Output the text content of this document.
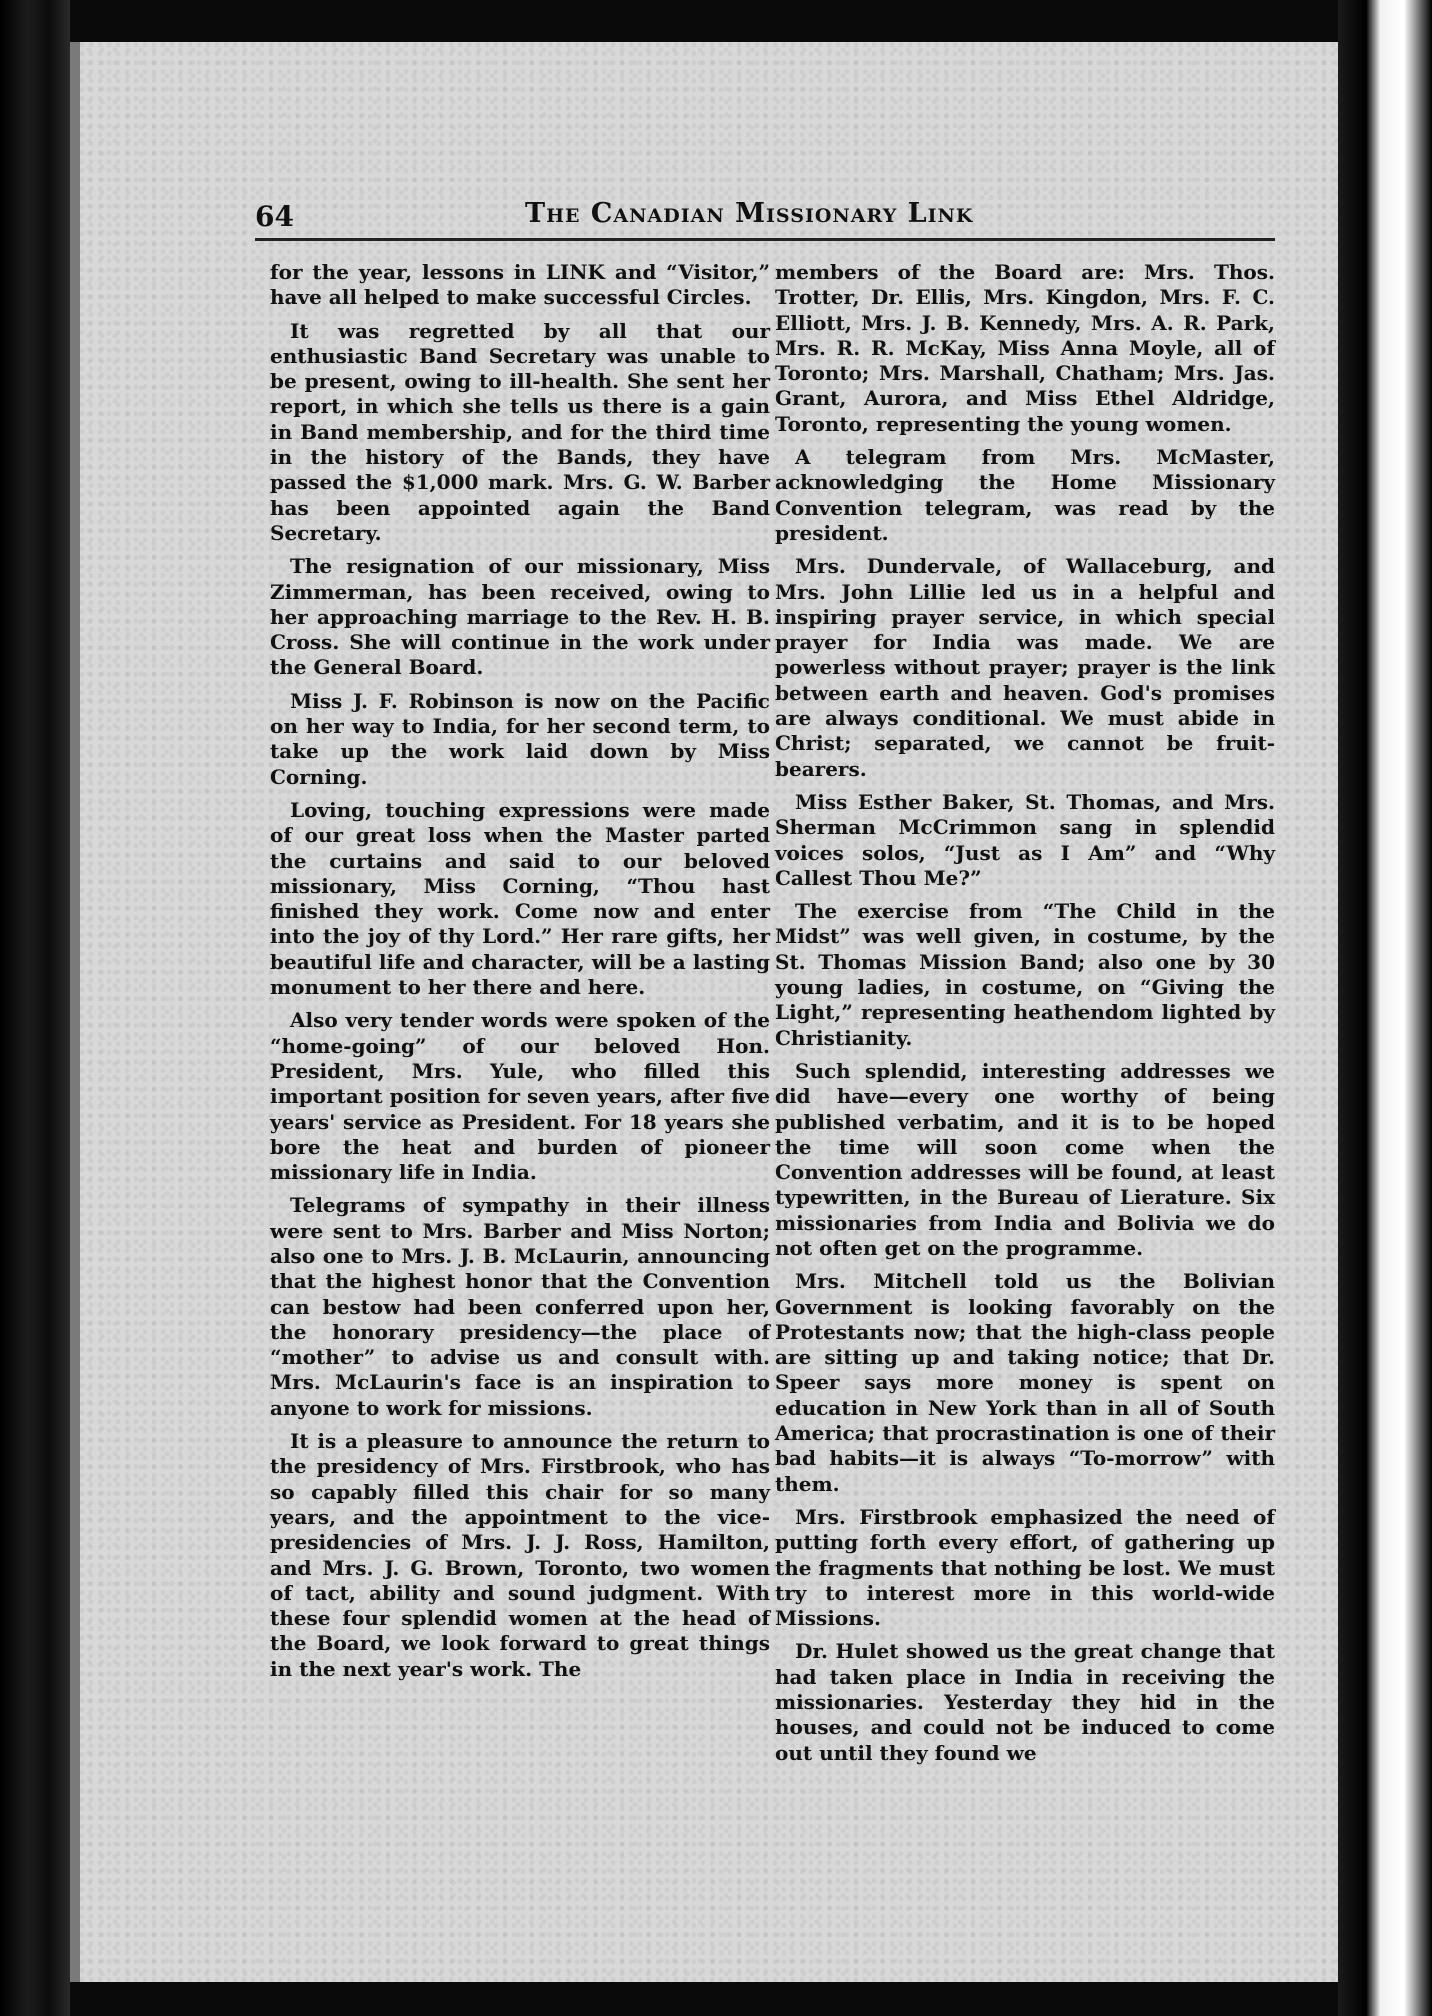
64	The Canadian Missionary Link

for the year, lessons in LINK and “Visitor,” have all helped to make successful Circles.

It was regretted by all that our enthusiastic Band Secretary was unable to be present, owing to ill-health. She sent her report, in which she tells us there is a gain in Band membership, and for the third time in the history of the Bands, they have passed the $1,000 mark. Mrs. G. W. Barber has been appointed again the Band Secretary.

The resignation of our missionary, Miss Zimmerman, has been received, owing to her approaching marriage to the Rev. H. B. Cross. She will continue in the work under the General Board.

Miss J. F. Robinson is now on the Pacific on her way to India, for her second term, to take up the work laid down by Miss Corning.

Loving, touching expressions were made of our great loss when the Master parted the curtains and said to our beloved missionary, Miss Corning, “Thou hast finished they work. Come now and enter into the joy of thy Lord.” Her rare gifts, her beautiful life and character, will be a lasting monument to her there and here.

Also very tender words were spoken of the “home-going” of our beloved Hon. President, Mrs. Yule, who filled this important position for seven years, after five years' service as President. For 18 years she bore the heat and burden of pioneer missionary life in India.

Telegrams of sympathy in their illness were sent to Mrs. Barber and Miss Norton; also one to Mrs. J. B. McLaurin, announcing that the highest honor that the Convention can bestow had been conferred upon her, the honorary presidency—the place of “mother” to advise us and consult with. Mrs. McLaurin's face is an inspiration to anyone to work for missions.

It is a pleasure to announce the return to the presidency of Mrs. Firstbrook, who has so capably filled this chair for so many years, and the appointment to the vice-presidencies of Mrs. J. J. Ross, Hamilton, and Mrs. J. G. Brown, Toronto, two women of tact, ability and sound judgment. With these four splendid women at the head of the Board, we look forward to great things in the next year's work. The

members of the Board are: Mrs. Thos. Trotter, Dr. Ellis, Mrs. Kingdon, Mrs. F. C. Elliott, Mrs. J. B. Kennedy, Mrs. A. R. Park, Mrs. R. R. McKay, Miss Anna Moyle, all of Toronto; Mrs. Marshall, Chatham; Mrs. Jas. Grant, Aurora, and Miss Ethel Aldridge, Toronto, representing the young women.

A telegram from Mrs. McMaster, acknowledging the Home Missionary Convention telegram, was read by the president.

Mrs. Dundervale, of Wallaceburg, and Mrs. John Lillie led us in a helpful and inspiring prayer service, in which special prayer for India was made. We are powerless without prayer; prayer is the link between earth and heaven. God's promises are always conditional. We must abide in Christ; separated, we cannot be fruit-bearers.

Miss Esther Baker, St. Thomas, and Mrs. Sherman McCrimmon sang in splendid voices solos, “Just as I Am” and “Why Callest Thou Me?”

The exercise from “The Child in the Midst” was well given, in costume, by the St. Thomas Mission Band; also one by 30 young ladies, in costume, on “Giving the Light,” representing heathendom lighted by Christianity.

Such splendid, interesting addresses we did have—every one worthy of being published verbatim, and it is to be hoped the time will soon come when the Convention addresses will be found, at least typewritten, in the Bureau of Lierature. Six missionaries from India and Bolivia we do not often get on the programme.

Mrs. Mitchell told us the Bolivian Government is looking favorably on the Protestants now; that the high-class people are sitting up and taking notice; that Dr. Speer says more money is spent on education in New York than in all of South America; that procrastination is one of their bad habits—it is always “To-morrow” with them.

Mrs. Firstbrook emphasized the need of putting forth every effort, of gathering up the fragments that nothing be lost. We must try to interest more in this world-wide Missions.

Dr. Hulet showed us the great change that had taken place in India in receiving the missionaries. Yesterday they hid in the houses, and could not be induced to come out until they found we
